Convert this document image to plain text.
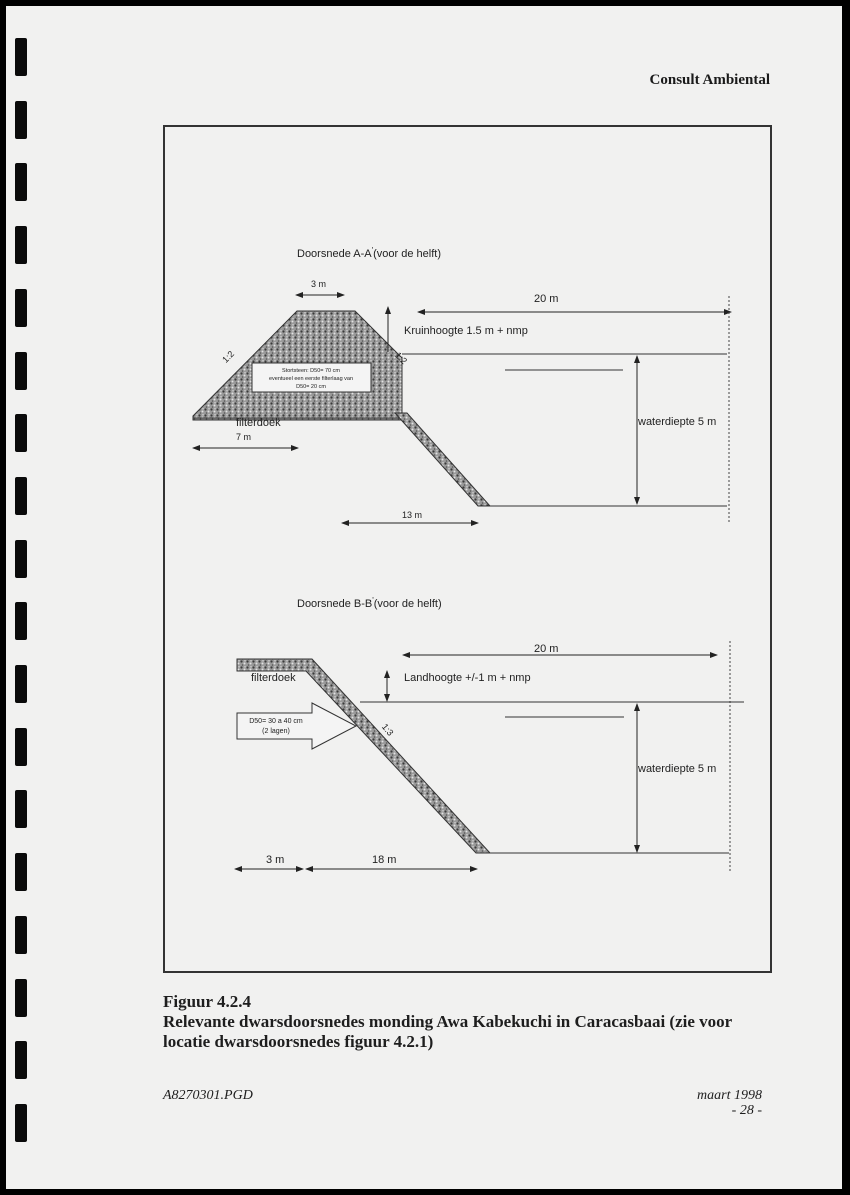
Consult Ambiental
Doorsnede A-A'(voor de helft)
3 m
Stortsteen: D50= 70 cm
eventueel een eerste filterlaag van
D50= 20 cm
1:2	1:2
filterdoek
7 m
20 m
Kruinhoogte 1.5 m + nmp
waterdiepte 5 m
13 m
Doorsnede B-B'(voor de helft)
filterdoek
D50= 30 a 40 cm
(2 lagen)	1:3
20 m
Landhoogte +/-1 m + nmp
waterdiepte 5 m
3 m	18 m
Figuur 4.2.4
Relevante dwarsdoorsnedes monding Awa Kabekuchi in Caracasbaai (zie voor
locatie dwarsdoorsnedes figuur 4.2.1)
A8270301.PGD	maart 1998
- 28 -
